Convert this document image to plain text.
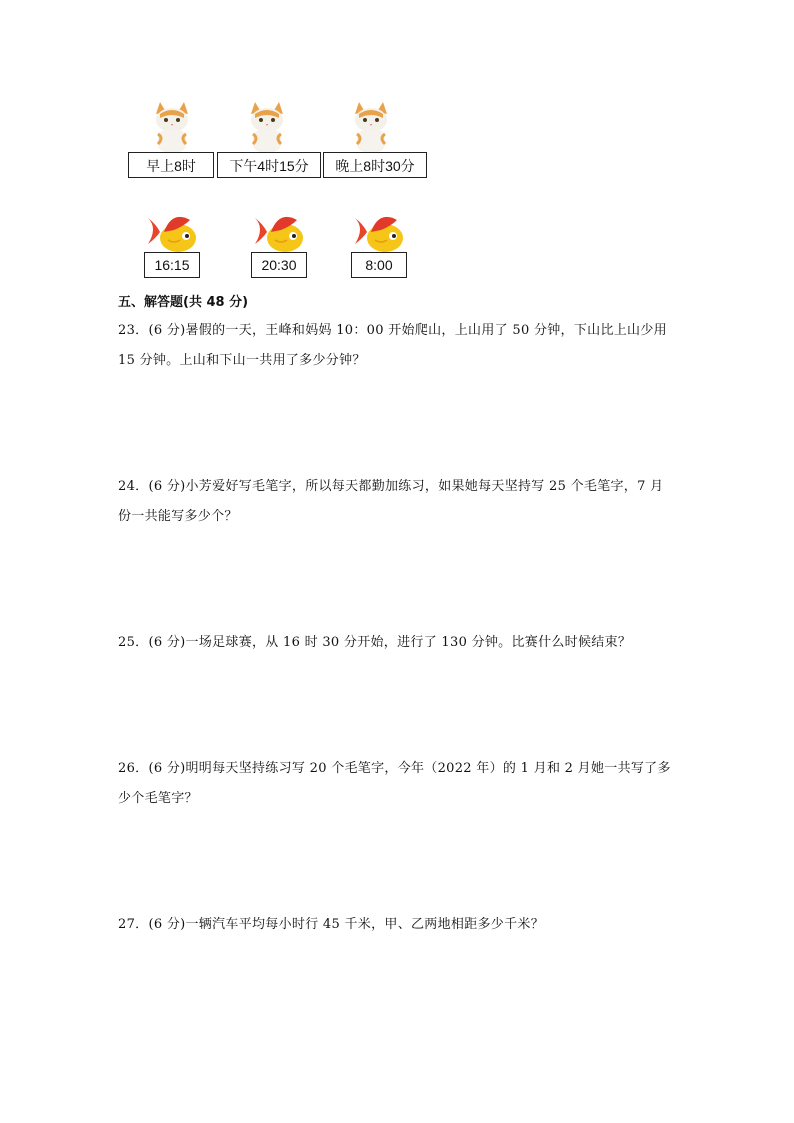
早上8时	下午4时15分	晚上8时30分
16:15	20:30	8:00
五、解答题(共 48 分)
23．(6 分)暑假的一天，王峰和妈妈 10：00 开始爬山，上山用了 50 分钟，下山比上山少用
15 分钟。上山和下山一共用了多少分钟？
24．(6 分)小芳爱好写毛笔字，所以每天都勤加练习，如果她每天坚持写 25 个毛笔字，7 月
份一共能写多少个？
25．(6 分)一场足球赛，从 16 时 30 分开始，进行了 130 分钟。比赛什么时候结束？
26．(6 分)明明每天坚持练习写 20 个毛笔字，今年（2022 年）的 1 月和 2 月她一共写了多
少个毛笔字？
27．(6 分)一辆汽车平均每小时行 45 千米，甲、乙两地相距多少千米？
